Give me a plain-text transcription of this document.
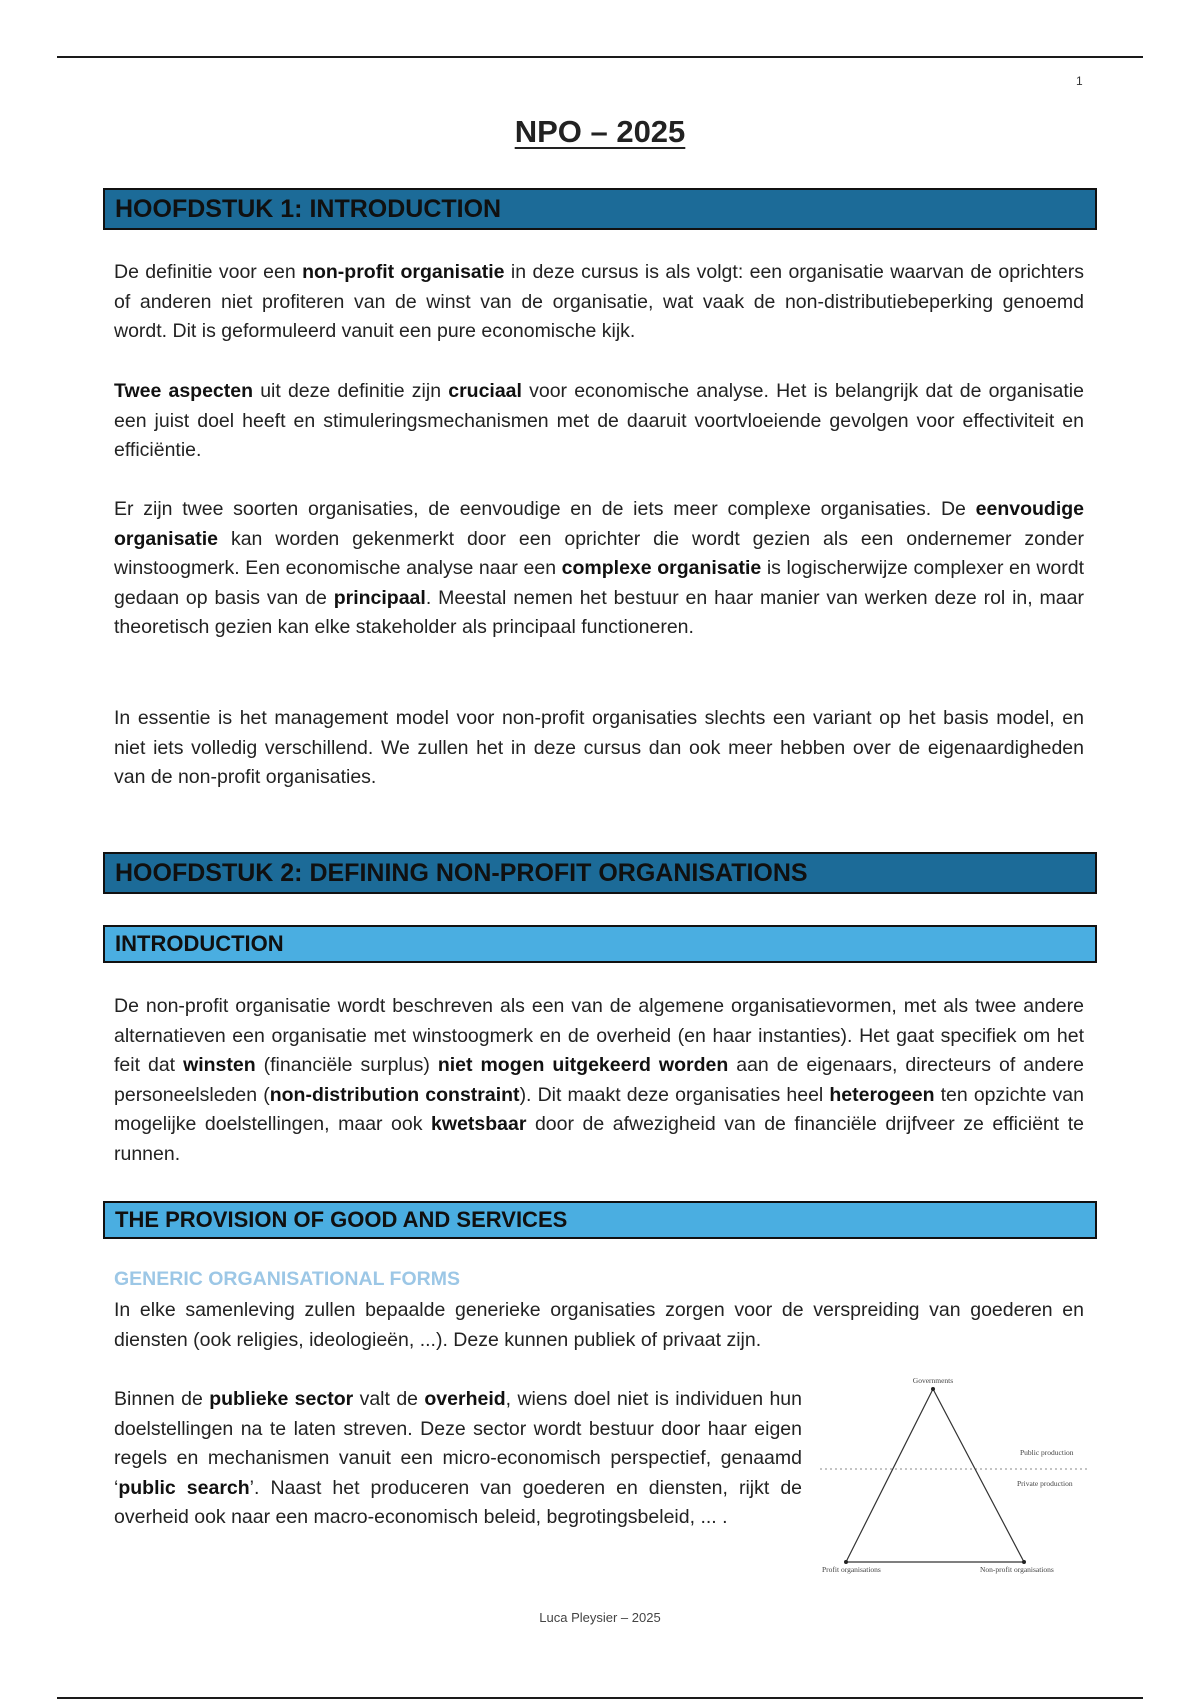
1
NPO – 2025
HOOFDSTUK 1: INTRODUCTION

De definitie voor een non-profit organisatie in deze cursus is als volgt: een organisatie waarvan de oprichters of anderen niet profiteren van de winst van de organisatie, wat vaak de non-distributiebeperking genoemd wordt. Dit is geformuleerd vanuit een pure economische kijk.

Twee aspecten uit deze definitie zijn cruciaal voor economische analyse. Het is belangrijk dat de organisatie een juist doel heeft en stimuleringsmechanismen met de daaruit voortvloeiende gevolgen voor effectiviteit en efficiëntie.

Er zijn twee soorten organisaties, de eenvoudige en de iets meer complexe organisaties. De eenvoudige organisatie kan worden gekenmerkt door een oprichter die wordt gezien als een ondernemer zonder winstoogmerk. Een economische analyse naar een complexe organisatie is logischerwijze complexer en wordt gedaan op basis van de principaal. Meestal nemen het bestuur en haar manier van werken deze rol in, maar theoretisch gezien kan elke stakeholder als principaal functioneren.

In essentie is het management model voor non-profit organisaties slechts een variant op het basis model, en niet iets volledig verschillend. We zullen het in deze cursus dan ook meer hebben over de eigenaardigheden van de non-profit organisaties.

HOOFDSTUK 2: DEFINING NON-PROFIT ORGANISATIONS
INTRODUCTION

De non-profit organisatie wordt beschreven als een van de algemene organisatievormen, met als twee andere alternatieven een organisatie met winstoogmerk en de overheid (en haar instanties). Het gaat specifiek om het feit dat winsten (financiële surplus) niet mogen uitgekeerd worden aan de eigenaars, directeurs of andere personeelsleden (non-distribution constraint). Dit maakt deze organisaties heel heterogeen ten opzichte van mogelijke doelstellingen, maar ook kwetsbaar door de afwezigheid van de financiële drijfveer ze efficiënt te runnen.

THE PROVISION OF GOOD AND SERVICES
GENERIC ORGANISATIONAL FORMS

In elke samenleving zullen bepaalde generieke organisaties zorgen voor de verspreiding van goederen en diensten (ook religies, ideologieën, ...). Deze kunnen publiek of privaat zijn.

Binnen de publieke sector valt de overheid, wiens doel niet is individuen hun doelstellingen na te laten streven. Deze sector wordt bestuur door haar eigen regels en mechanismen vanuit een micro-economisch perspectief, genaamd ‘public search’. Naast het produceren van goederen en diensten, rijkt de overheid ook naar een macro-economisch beleid, begrotingsbeleid, ... .

Governments
Profit organisations	Non-profit organisations
Public production
Private production
Luca Pleysier – 2025
